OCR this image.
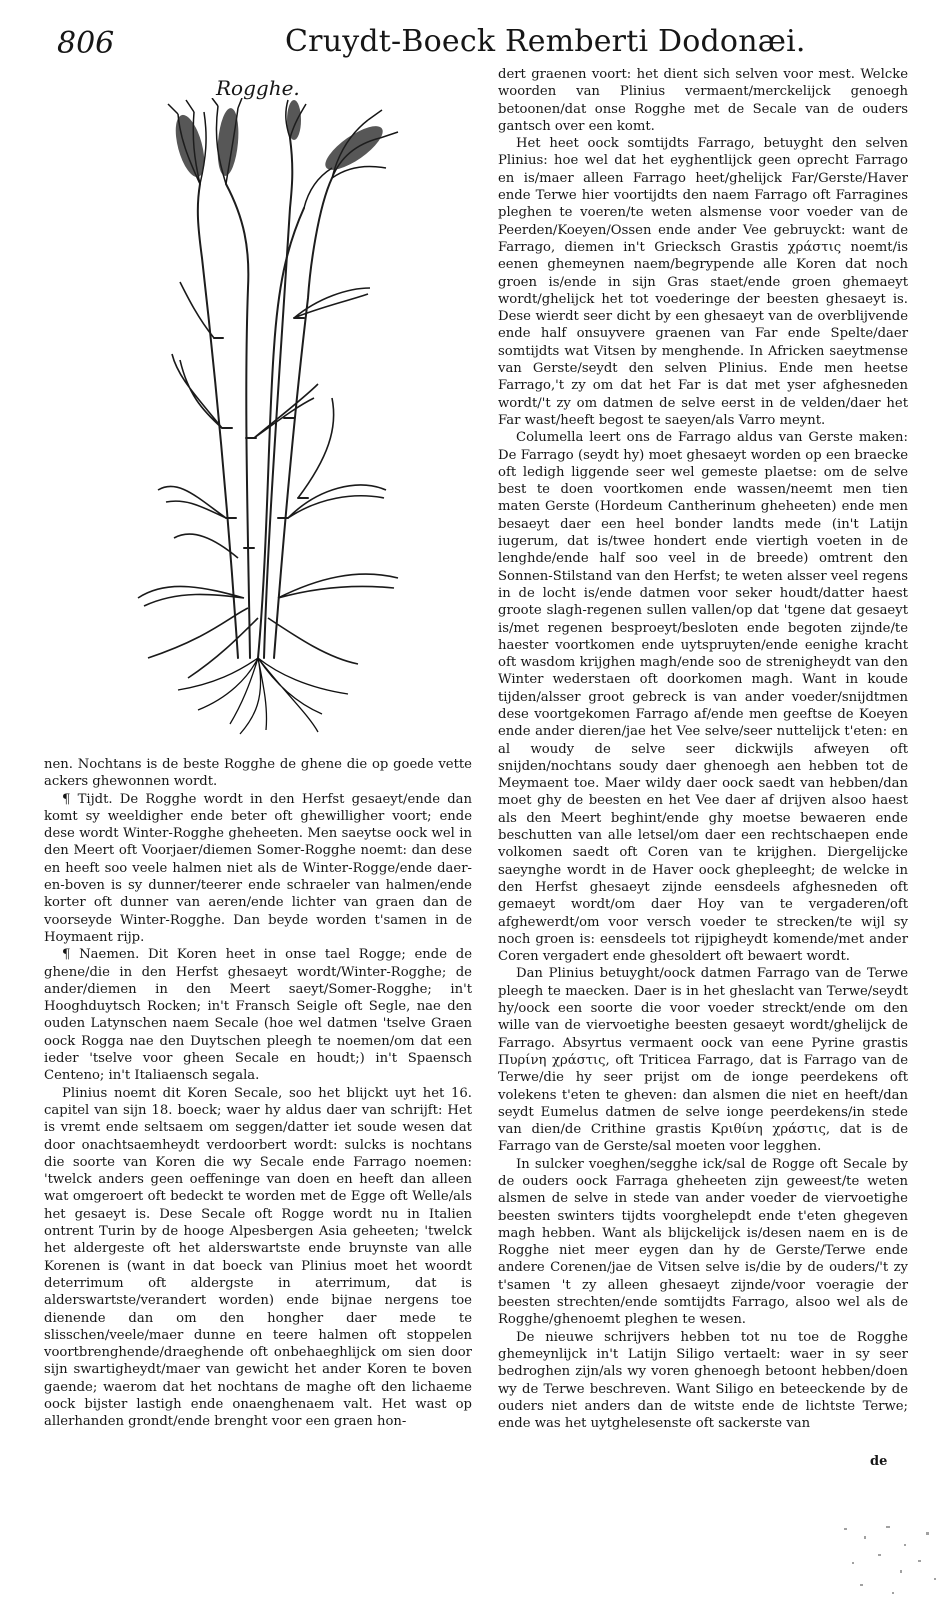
806	Cruydt-Boeck Remberti Dodonæi.
Rogghe.

nen. Nochtans is de beste Rogghe de ghene die op goede vette ackers ghewonnen wordt.

¶ Tijdt. De Rogghe wordt in den Herfst gesaeyt/ende dan komt sy weeldigher ende beter oft ghewilligher voort; ende dese wordt Winter-Rogghe gheheeten. Men saeytse oock wel in den Meert oft Voorjaer/diemen Somer-Rogghe noemt: dan dese en heeft soo veele halmen niet als de Winter-Rogge/ende daer-en-boven is sy dunner/teerer ende schraeler van halmen/ende korter oft dunner van aeren/ende lichter van graen dan de voorseyde Winter-Rogghe. Dan beyde worden t'samen in de Hoymaent rijp.

¶ Naemen. Dit Koren heet in onse tael Rogge; ende de ghene/die in den Herfst ghesaeyt wordt/Winter-Rogghe; de ander/diemen in den Meert saeyt/Somer-Rogghe; in't Hooghduytsch Rocken; in't Fransch Seigle oft Segle, nae den ouden Latynschen naem Secale (hoe wel datmen 'tselve Graen oock Rogga nae den Duytschen pleegh te noemen/om dat een ieder 'tselve voor gheen Secale en houdt;) in't Spaensch Centeno; in't Italiaensch segala.

Plinius noemt dit Koren Secale, soo het blijckt uyt het 16. capitel van sijn 18. boeck; waer hy aldus daer van schrijft: Het is vremt ende seltsaem om seggen/datter iet soude wesen dat door onachtsaemheydt verdoorbert wordt: sulcks is nochtans die soorte van Koren die wy Secale ende Farrago noemen: 'twelck anders geen oeffeninge van doen en heeft dan alleen wat omgeroert oft bedeckt te worden met de Egge oft Welle/als het gesaeyt is. Dese Secale oft Rogge wordt nu in Italien ontrent Turin by de hooge Alpesbergen Asia geheeten; 'twelck het aldergeste oft het alderswartste ende bruynste van alle Korenen is (want in dat boeck van Plinius moet het woordt deterrimum oft aldergste in aterrimum, dat is alderswartste/verandert worden) ende bijnae nergens toe dienende dan om den hongher daer mede te slisschen/veele/maer dunne en teere halmen oft stoppelen voortbrenghende/draeghende oft onbehaeghlijck om sien door sijn swartigheydt/maer van gewicht het ander Koren te boven gaende; waerom dat het nochtans de maghe oft den lichaeme oock bijster lastigh ende onaenghenaem valt. Het wast op allerhanden grondt/ende brenght voor een graen hon-

dert graenen voort: het dient sich selven voor mest. Welcke woorden van Plinius vermaent/merckelijck genoegh betoonen/dat onse Rogghe met de Secale van de ouders gantsch over een komt.

Het heet oock somtijdts Farrago, betuyght den selven Plinius: hoe wel dat het eyghentlijck geen oprecht Farrago en is/maer alleen Farrago heet/ghelijck Far/Gerste/Haver ende Terwe hier voortijdts den naem Farrago oft Farragines pleghen te voeren/te weten alsmense voor voeder van de Peerden/Koeyen/Ossen ende ander Vee gebruyckt: want de Farrago, diemen in't Griecksch Grastis χράστις noemt/is eenen ghemeynen naem/begrypende alle Koren dat noch groen is/ende in sijn Gras staet/ende groen ghemaeyt wordt/ghelijck het tot voederinge der beesten ghesaeyt is. Dese wierdt seer dicht by een ghesaeyt van de overblijvende ende half onsuyvere graenen van Far ende Spelte/daer somtijdts wat Vitsen by menghende. In Africken saeytmense van Gerste/seydt den selven Plinius. Ende men heetse Farrago,'t zy om dat het Far is dat met yser afghesneden wordt/'t zy om datmen de selve eerst in de velden/daer het Far wast/heeft begost te saeyen/als Varro meynt.

Columella leert ons de Farrago aldus van Gerste maken: De Farrago (seydt hy) moet ghesaeyt worden op een braecke oft ledigh liggende seer wel gemeste plaetse: om de selve best te doen voortkomen ende wassen/neemt men tien maten Gerste (Hordeum Cantherinum gheheeten) ende men besaeyt daer een heel bonder landts mede (in't Latijn iugerum, dat is/twee hondert ende viertigh voeten in de lenghde/ende half soo veel in de breede) omtrent den Sonnen-Stilstand van den Herfst; te weten alsser veel regens in de locht is/ende datmen voor seker houdt/datter haest groote slagh-regenen sullen vallen/op dat 'tgene dat gesaeyt is/met regenen besproeyt/besloten ende begoten zijnde/te haester voortkomen ende uytspruyten/ende eenighe kracht oft wasdom krijghen magh/ende soo de strenigheydt van den Winter wederstaen oft doorkomen magh. Want in koude tijden/alsser groot gebreck is van ander voeder/snijdtmen dese voortgekomen Farrago af/ende men geeftse de Koeyen ende ander dieren/jae het Vee selve/seer nuttelijck t'eten: en al woudy de selve seer dickwijls afweyen oft snijden/nochtans soudy daer ghenoegh aen hebben tot de Meymaent toe. Maer wildy daer oock saedt van hebben/dan moet ghy de beesten en het Vee daer af drijven alsoo haest als den Meert beghint/ende ghy moetse bewaeren ende beschutten van alle letsel/om daer een rechtschaepen ende volkomen saedt oft Coren van te krijghen. Diergelijcke saeynghe wordt in de Haver oock ghepleeght; de welcke in den Herfst ghesaeyt zijnde eensdeels afghesneden oft gemaeyt wordt/om daer Hoy van te vergaderen/oft afghewerdt/om voor versch voeder te strecken/te wijl sy noch groen is: eensdeels tot rijpigheydt komende/met ander Coren vergadert ende ghesoldert oft bewaert wordt.

Dan Plinius betuyght/oock datmen Farrago van de Terwe pleegh te maecken. Daer is in het gheslacht van Terwe/seydt hy/oock een soorte die voor voeder streckt/ende om den wille van de viervoetighe beesten gesaeyt wordt/ghelijck de Farrago. Absyrtus vermaent oock van eene Pyrine grastis Πυρίνη χράστις, oft Triticea Farrago, dat is Farrago van de Terwe/die hy seer prijst om de ionge peerdekens oft volekens t'eten te gheven: dan alsmen die niet en heeft/dan seydt Eumelus datmen de selve ionge peerdekens/in stede van dien/de Crithine grastis Κριθίνη χράστις, dat is de Farrago van de Gerste/sal moeten voor legghen.

In sulcker voeghen/segghe ick/sal de Rogge oft Secale by de ouders oock Farraga gheheeten zijn geweest/te weten alsmen de selve in stede van ander voeder de viervoetighe beesten swinters tijdts voorghelepdt ende t'eten ghegeven magh hebben. Want als blijckelijck is/desen naem en is de Rogghe niet meer eygen dan hy de Gerste/Terwe ende andere Corenen/jae de Vitsen selve is/die by de ouders/'t zy t'samen 't zy alleen ghesaeyt zijnde/voor voeragie der beesten strechten/ende somtijdts Farrago, alsoo wel als de Rogghe/ghenoemt pleghen te wesen.

De nieuwe schrijvers hebben tot nu toe de Rogghe ghemeynlijck in't Latijn Siligo vertaelt: waer in sy seer bedroghen zijn/als wy voren ghenoegh betoont hebben/doen wy de Terwe beschreven. Want Siligo en beteeckende by de ouders niet anders dan de witste ende de lichtste Terwe; ende was het uytghelesenste oft sackerste van

de
